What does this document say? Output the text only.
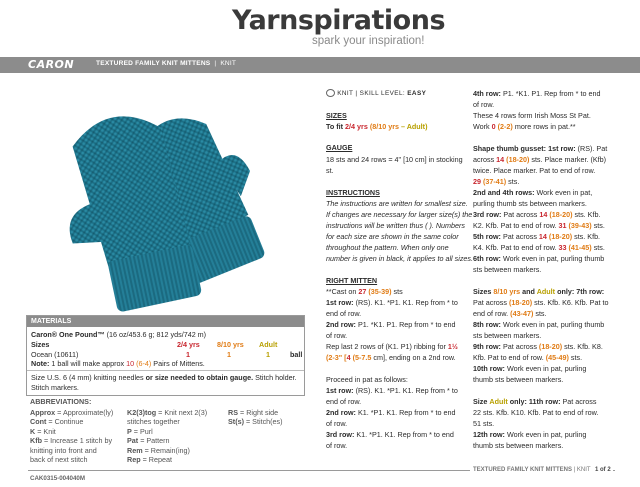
Yarnspirations
spark your inspiration!
CARON	TEXTURED FAMILY KNIT MITTENS | KNIT
MATERIALS
Caron® One Pound™ (16 oz/453.6 g; 812 yds/742 m)
Sizes	2/4 yrs 8/10 yrs Adult
Ocean (10611)	1	1	1	ball
Note: 1 ball will make approx 10 (6-4) Pairs of Mittens.
Size U.S. 6 (4 mm) knitting needles or size needed to obtain gauge. Stitch holder.
Stitch markers.
ABBREVIATIONS:
Approx = Approximate(ly)
Cont = Continue
K = Knit
Kfb = Increase 1 stitch by
knitting into front and
back of next stitch
K2(3)tog = Knit next 2(3)
stitches together
P = Purl
Pat = Pattern
Rem = Remain(ing)
Rep = Repeat
RS = Right side
St(s) = Stitch(es)

KNIT | SKILL LEVEL: EASY

SIZES

To fit 2/4 yrs (8/10 yrs – Adult)

GAUGE

18 sts and 24 rows = 4" [10 cm] in stocking

st.

INSTRUCTIONS

The instructions are written for smallest size.

If changes are necessary for larger size(s) the

instructions will be written thus ( ). Numbers

for each size are shown in the same color

throughout the pattern. When only one

number is given in black, it applies to all sizes.

RIGHT MITTEN

**Cast on 27 (35-39) sts

1st row: (RS). K1. *P1. K1. Rep from * to

end of row.

2nd row: P1. *K1. P1. Rep from * to end

of row.

Rep last 2 rows of (K1. P1) ribbing for 1½

(2-3" [4 (5-7.5 cm], ending on a 2nd row.

Proceed in pat as follows:

1st row: (RS). K1. *P1. K1. Rep from * to

end of row.

2nd row: K1. *P1. K1. Rep from * to end

of row.

3rd row: K1. *P1. K1. Rep from * to end

of row.

4th row: P1. *K1. P1. Rep from * to end

of row.

These 4 rows form Irish Moss St Pat.

Work 0 (2-2) more rows in pat.**

Shape thumb gusset: 1st row: (RS). Pat

across 14 (18-20) sts. Place marker. (Kfb)

twice. Place marker. Pat to end of row.

29 (37-41) sts.

2nd and 4th rows: Work even in pat,

purling thumb sts between markers.

3rd row: Pat across 14 (18-20) sts. Kfb.

K2. Kfb. Pat to end of row. 31 (39-43) sts.

5th row: Pat across 14 (18-20) sts. Kfb.

K4. Kfb. Pat to end of row. 33 (41-45) sts.

6th row: Work even in pat, purling thumb

sts between markers.

Sizes 8/10 yrs and Adult only: 7th row:

Pat across (18-20) sts. Kfb. K6. Kfb. Pat to

end of row. (43-47) sts.

8th row: Work even in pat, purling thumb

sts between markers.

9th row: Pat across (18-20) sts. Kfb. K8.

Kfb. Pat to end of row. (45-49) sts.

10th row: Work even in pat, purling

thumb sts between markers.

Size Adult only: 11th row: Pat across

22 sts. Kfb. K10. Kfb. Pat to end of row.

51 sts.

12th row: Work even in pat, purling

thumb sts between markers.

CAK0315-004040M
TEXTURED FAMILY KNIT MITTENS | KNIT 1 of 2
